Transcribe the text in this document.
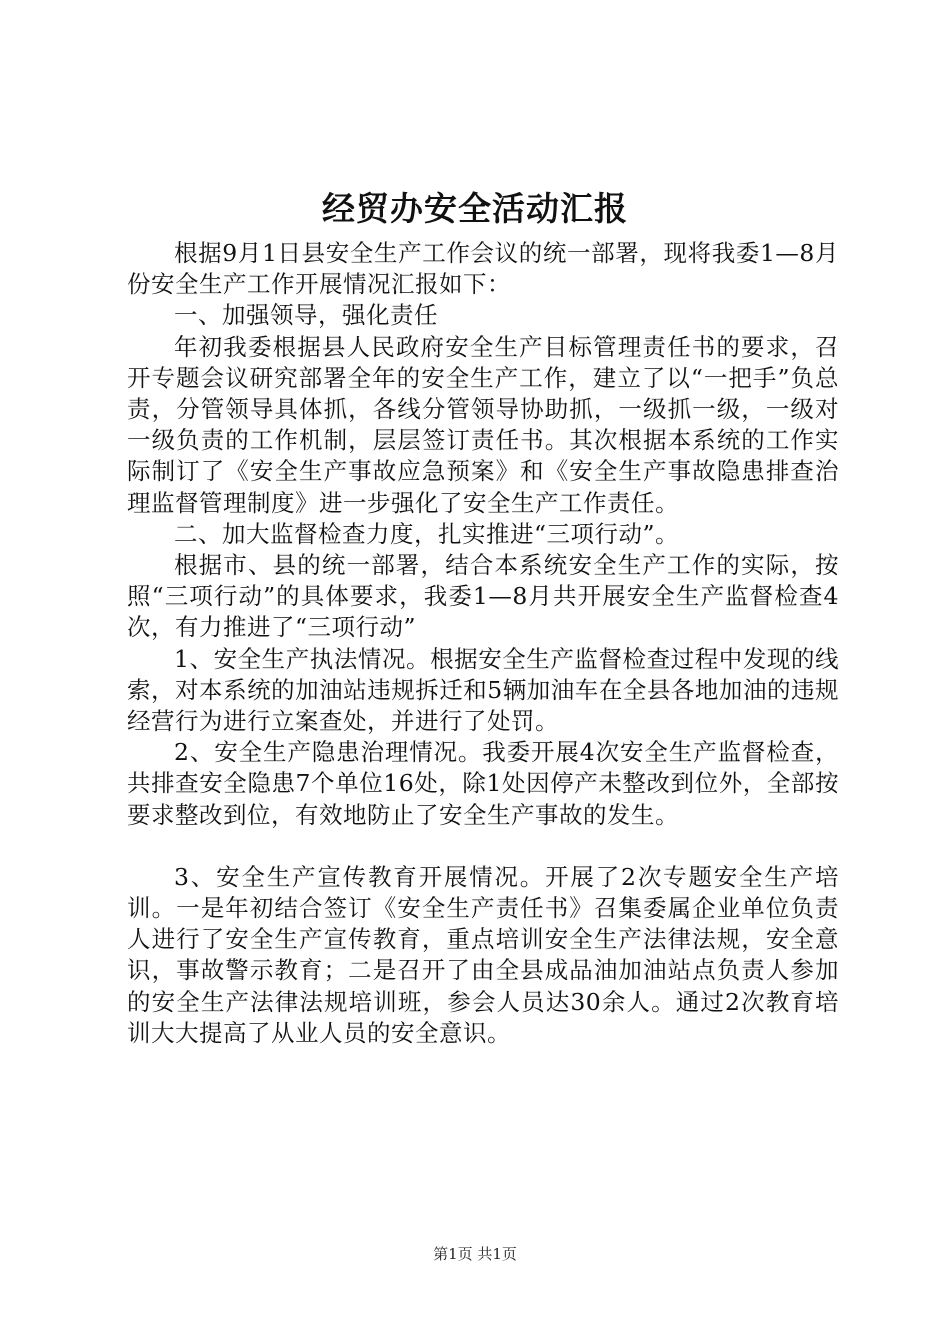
经贸办安全活动汇报

根据9月1日县安全生产工作会议的统一部署，现将我委1—8月份安全生产工作开展情况汇报如下：

一、加强领导，强化责任

年初我委根据县人民政府安全生产目标管理责任书的要求，召开专题会议研究部署全年的安全生产工作，建立了以“一把手”负总责，分管领导具体抓，各线分管领导协助抓，一级抓一级，一级对一级负责的工作机制，层层签订责任书。其次根据本系统的工作实际制订了《安全生产事故应急预案》和《安全生产事故隐患排查治理监督管理制度》进一步强化了安全生产工作责任。

二、加大监督检查力度，扎实推进“三项行动”。

根据市、县的统一部署，结合本系统安全生产工作的实际，按照“三项行动”的具体要求，我委1—8月共开展安全生产监督检查4次，有力推进了“三项行动”

1、安全生产执法情况。根据安全生产监督检查过程中发现的线索，对本系统的加油站违规拆迁和5辆加油车在全县各地加油的违规经营行为进行立案查处，并进行了处罚。

2、安全生产隐患治理情况。我委开展4次安全生产监督检查，共排查安全隐患7个单位16处，除1处因停产未整改到位外，全部按要求整改到位，有效地防止了安全生产事故的发生。

3、安全生产宣传教育开展情况。开展了2次专题安全生产培训。一是年初结合签订《安全生产责任书》召集委属企业单位负责人进行了安全生产宣传教育，重点培训安全生产法律法规，安全意识，事故警示教育；二是召开了由全县成品油加油站点负责人参加的安全生产法律法规培训班，参会人员达30余人。通过2次教育培训大大提高了从业人员的安全意识。

第1页 共1页
